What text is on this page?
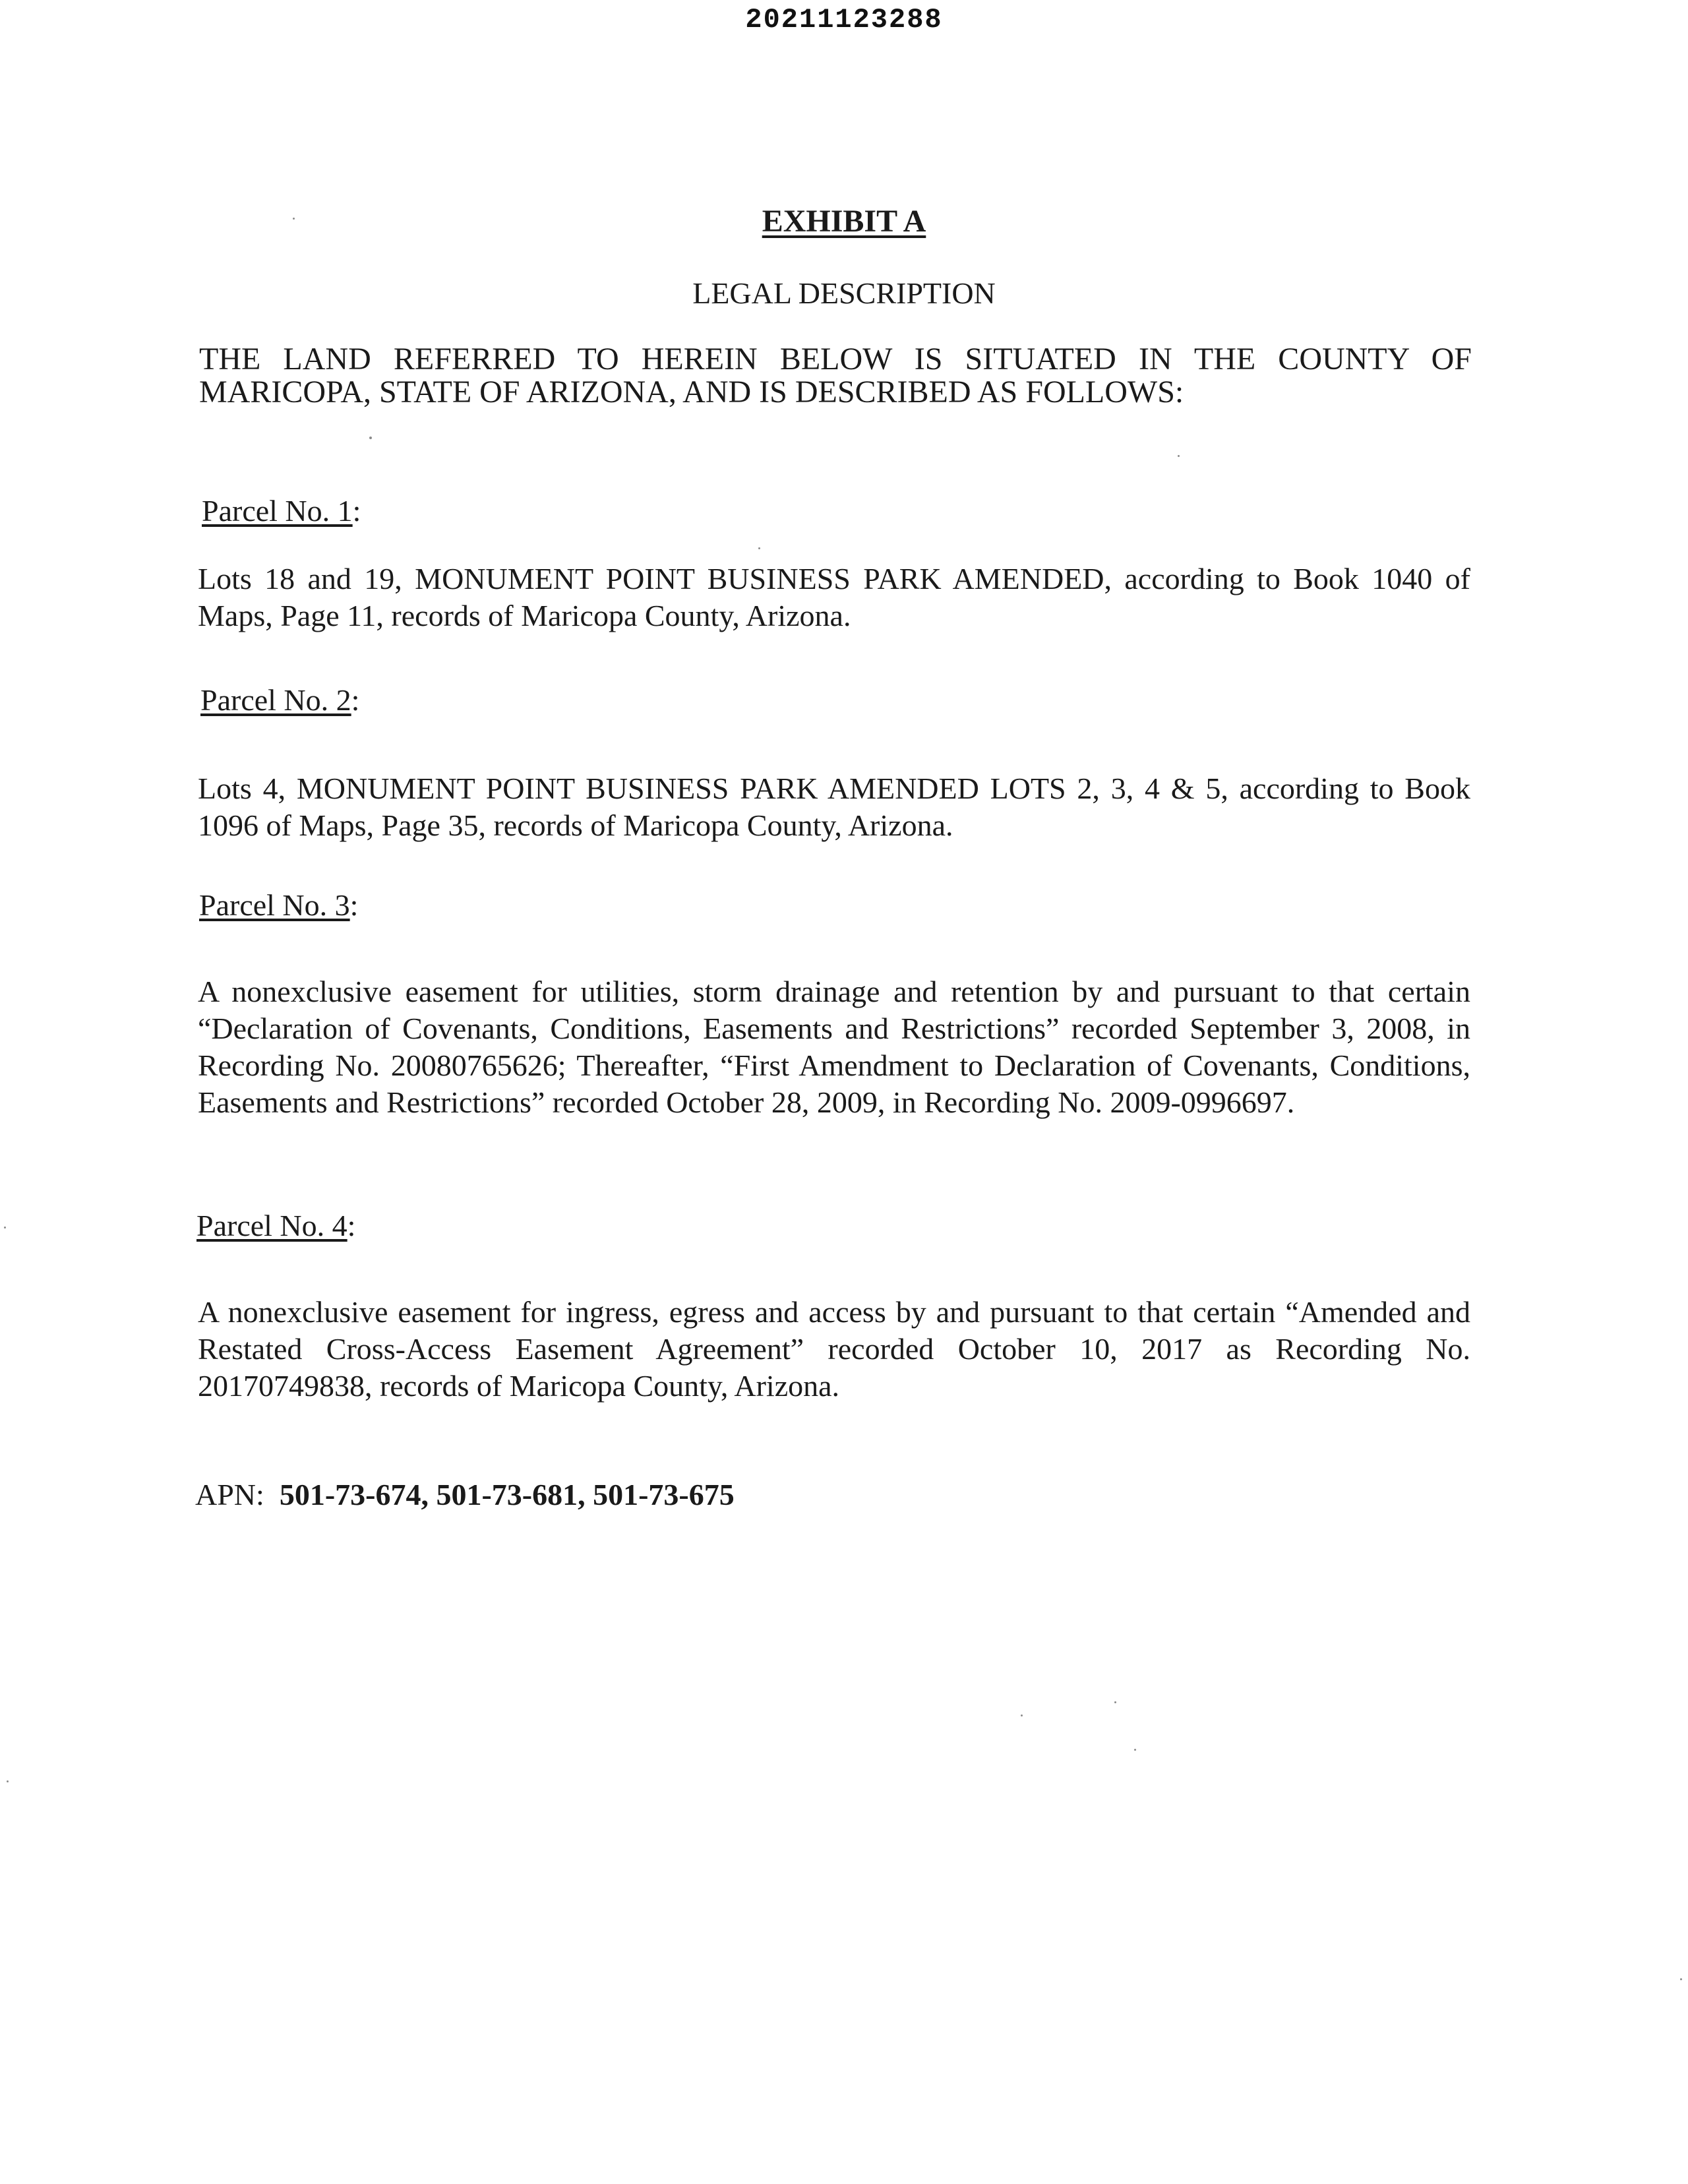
20211123288
EXHIBIT A
LEGAL DESCRIPTION
THE LAND REFERRED TO HEREIN BELOW IS SITUATED IN THE COUNTY OF MARICOPA, STATE OF ARIZONA, AND IS DESCRIBED AS FOLLOWS:
Parcel No. 1:
Lots 18 and 19, MONUMENT POINT BUSINESS PARK AMENDED, according to Book 1040 of Maps, Page 11, records of Maricopa County, Arizona.
Parcel No. 2:
Lots 4, MONUMENT POINT BUSINESS PARK AMENDED LOTS 2, 3, 4 & 5, according to Book 1096 of Maps, Page 35, records of Maricopa County, Arizona.
Parcel No. 3:
A nonexclusive easement for utilities, storm drainage and retention by and pursuant to that certain “Declaration of Covenants, Conditions, Easements and Restrictions” recorded September 3, 2008, in Recording No. 20080765626; Thereafter, “First Amendment to Declaration of Covenants, Conditions, Easements and Restrictions” recorded October 28, 2009, in Recording No. 2009-0996697.
Parcel No. 4:
A nonexclusive easement for ingress, egress and access by and pursuant to that certain “Amended and Restated Cross-Access Easement Agreement” recorded October 10, 2017 as Recording No. 20170749838, records of Maricopa County, Arizona.
APN: 501-73-674, 501-73-681, 501-73-675
